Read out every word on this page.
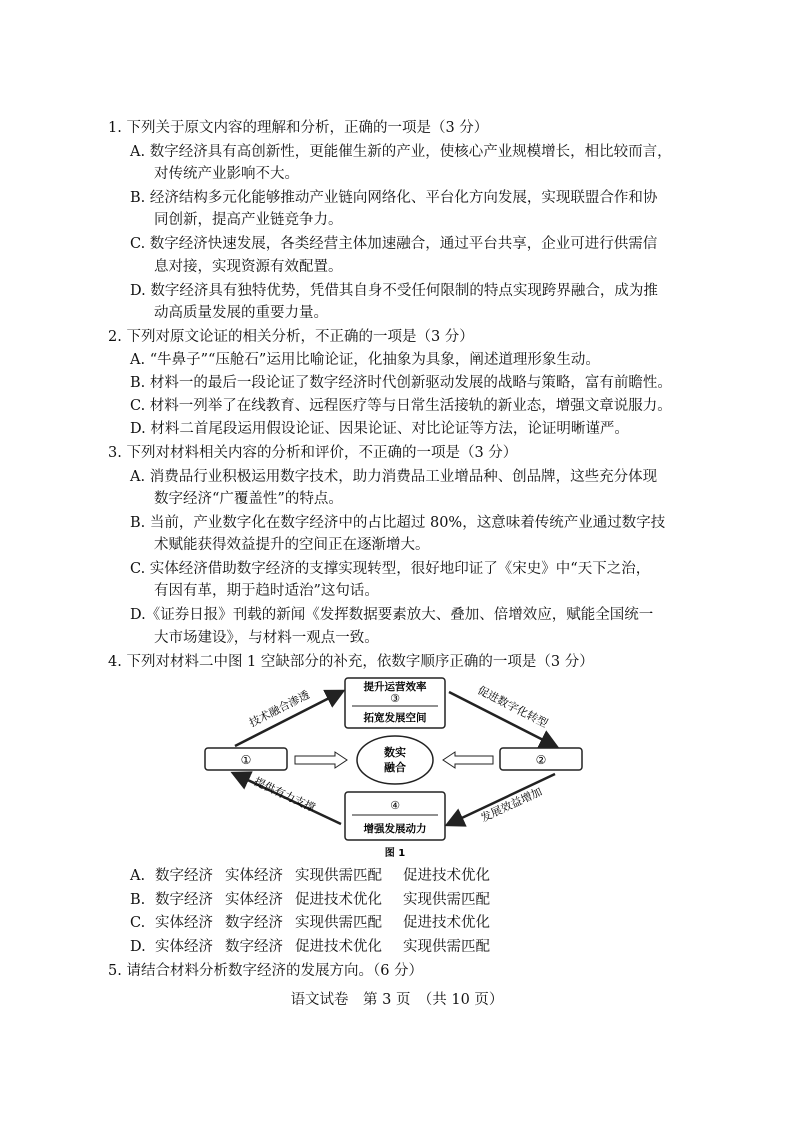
1. 下列关于原文内容的理解和分析，正确的一项是（3 分）
A. 数字经济具有高创新性，更能催生新的产业，使核心产业规模增长，相比较而言，
对传统产业影响不大。
B. 经济结构多元化能够推动产业链向网络化、平台化方向发展，实现联盟合作和协
同创新，提高产业链竞争力。
C. 数字经济快速发展，各类经营主体加速融合，通过平台共享，企业可进行供需信
息对接，实现资源有效配置。
D. 数字经济具有独特优势，凭借其自身不受任何限制的特点实现跨界融合，成为推
动高质量发展的重要力量。
2. 下列对原文论证的相关分析，不正确的一项是（3 分）
A. “牛鼻子”“压舱石”运用比喻论证，化抽象为具象，阐述道理形象生动。
B. 材料一的最后一段论证了数字经济时代创新驱动发展的战略与策略，富有前瞻性。
C. 材料一列举了在线教育、远程医疗等与日常生活接轨的新业态，增强文章说服力。
D. 材料二首尾段运用假设论证、因果论证、对比论证等方法，论证明晰谨严。
3. 下列对材料相关内容的分析和评价，不正确的一项是（3 分）
A. 消费品行业积极运用数字技术，助力消费品工业增品种、创品牌，这些充分体现
数字经济“广覆盖性”的特点。
B. 当前，产业数字化在数字经济中的占比超过 80%，这意味着传统产业通过数字技
术赋能获得效益提升的空间正在逐渐增大。
C. 实体经济借助数字经济的支撑实现转型，很好地印证了《宋史》中“天下之治，
有因有革，期于趋时适治”这句话。
D.《证券日报》刊载的新闻《发挥数据要素放大、叠加、倍增效应，赋能全国统一
大市场建设》，与材料一观点一致。
4. 下列对材料二中图 1 空缺部分的补充，依数字顺序正确的一项是（3 分）
提升运营效率
③
拓宽发展空间
④
增强发展动力
数实
融合
①	②
技术融合渗透	促进数字化转型
提供有力支撑	发展效益增加
图 1
A. 数字经济 实体经济 实现供需匹配 促进技术优化
B. 数字经济 实体经济 促进技术优化 实现供需匹配
C. 实体经济 数字经济 实现供需匹配 促进技术优化
D. 实体经济 数字经济 促进技术优化 实现供需匹配
5. 请结合材料分析数字经济的发展方向。（6 分）
语文试卷　第 3 页　（共 10 页）
